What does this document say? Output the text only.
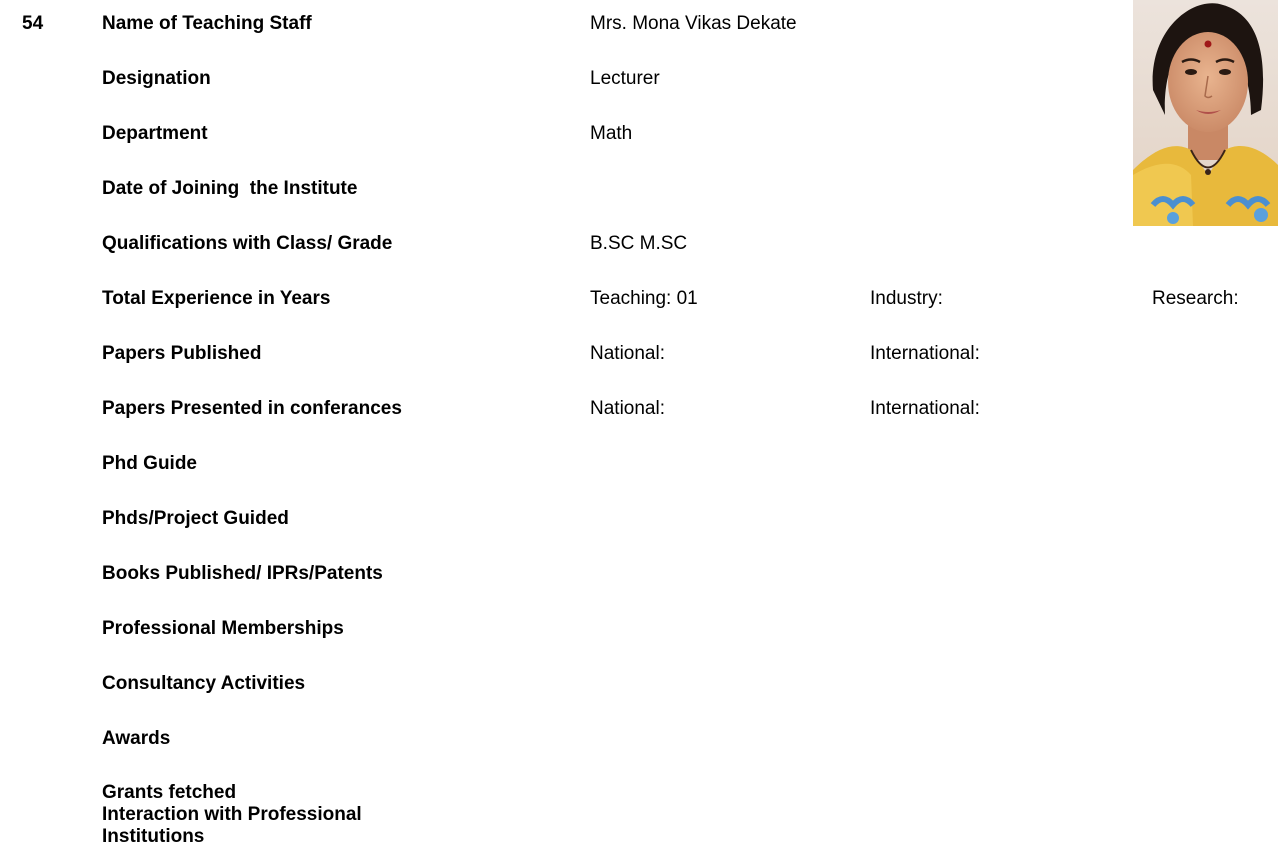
54	Name of Teaching Staff	Mrs. Mona Vikas Dekate
Designation	Lecturer
Department	Math
Date of Joining  the Institute
Qualifications with Class/ Grade	B.SC M.SC
Total Experience in Years	Teaching: 01	Industry:	Research:
Papers Published	National:	International:
Papers Presented in conferances	National:	International:
Phd Guide
Phds/Project Guided
Books Published/ IPRs/Patents
Professional Memberships
Consultancy Activities
Awards
Grants fetched
Interaction with Professional Institutions
